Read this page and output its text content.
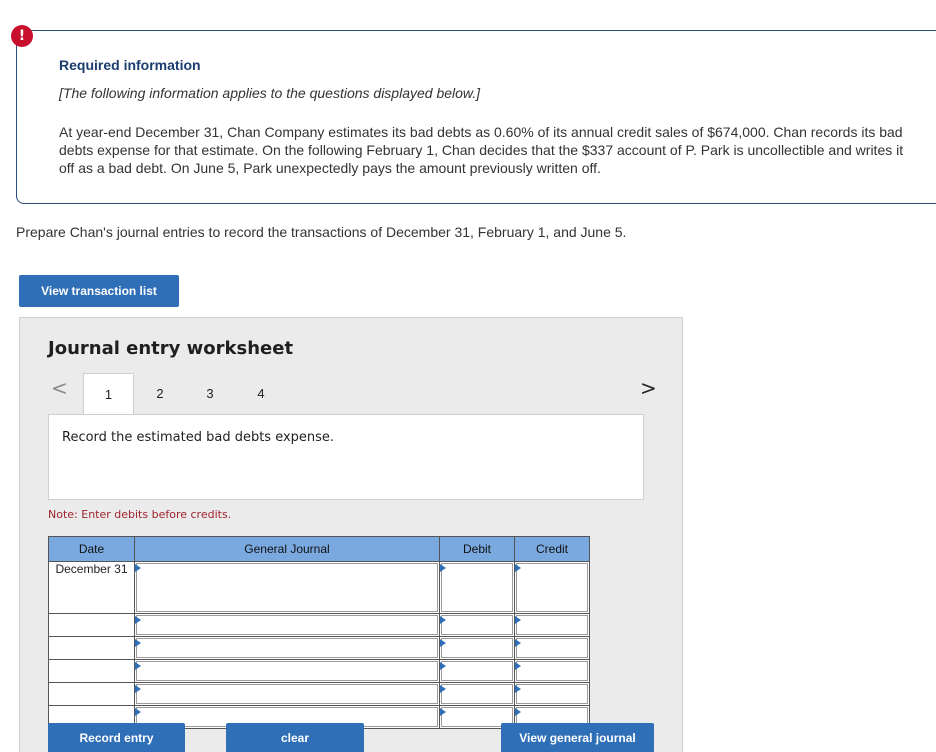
!
Required information
[The following information applies to the questions displayed below.]
At year-end December 31, Chan Company estimates its bad debts as 0.60% of its annual credit sales of $674,000. Chan records its bad debts expense for that estimate. On the following February 1, Chan decides that the $337 account of P. Park is uncollectible and writes it off as a bad debt. On June 5, Park unexpectedly pays the amount previously written off.
Prepare Chan's journal entries to record the transactions of December 31, February 1, and June 5.
View transaction list
Journal entry worksheet
<	1	2	3	4	>
Record the estimated bad debts expense.
Note: Enter debits before credits.
Date	General Journal	Debit	Credit
December 31	

Record entry	clear	View general journal
